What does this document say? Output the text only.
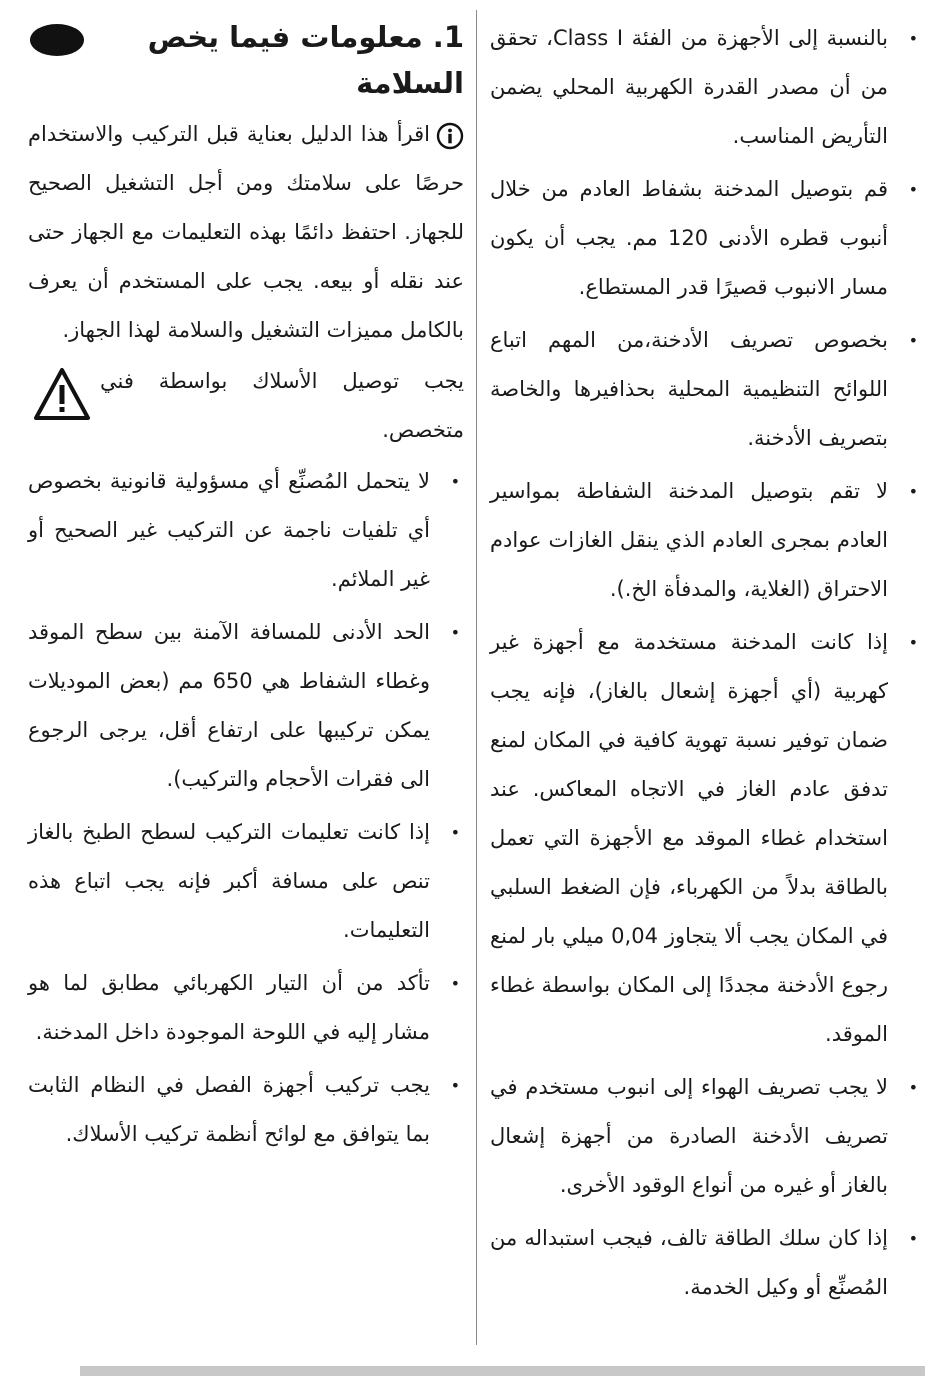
•
بالنسبة إلى الأجهزة من الفئة Class I، تحقق من أن مصدر القدرة الكهربية المحلي يضمن التأريض المناسب.
•
قم بتوصيل المدخنة بشفاط العادم من خلال أنبوب قطره الأدنى 120 مم. يجب أن يكون مسار الانبوب قصيرًا قدر المستطاع.
•
بخصوص تصريف الأدخنة،من المهم اتباع اللوائح التنظيمية المحلية بحذافيرها والخاصة بتصريف الأدخنة.
•
لا تقم بتوصيل المدخنة الشفاطة بمواسير العادم بمجرى العادم الذي ينقل الغازات عوادم الاحتراق (الغلاية، والمدفأة الخ.).
•
إذا كانت المدخنة مستخدمة مع أجهزة غير كهربية (أي أجهزة إشعال بالغاز)، فإنه يجب ضمان توفير نسبة تهوية كافية في المكان لمنع تدفق عادم الغاز في الاتجاه المعاكس. عند استخدام غطاء الموقد مع الأجهزة التي تعمل بالطاقة بدلاً من الكهرباء، فإن الضغط السلبي في المكان يجب ألا يتجاوز 0,04 ميلي بار لمنع رجوع الأدخنة مجددًا إلى المكان بواسطة غطاء الموقد.
•
لا يجب تصريف الهواء إلى انبوب مستخدم في تصريف الأدخنة الصادرة من أجهزة إشعال بالغاز أو غيره من أنواع الوقود الأخرى.
•
إذا كان سلك الطاقة تالف، فيجب استبداله من المُصنِّع أو وكيل الخدمة.
1. معلومات فيما يخص
السلامة
اقرأ هذا الدليل بعناية قبل التركيب والاستخدام حرصًا على سلامتك ومن أجل التشغيل الصحيح للجهاز. احتفظ دائمًا بهذه التعليمات مع الجهاز حتى عند نقله أو بيعه. يجب على المستخدم أن يعرف بالكامل مميزات التشغيل والسلامة لهذا الجهاز.
يجب توصيل الأسلاك بواسطة فني متخصص.
•
لا يتحمل المُصنِّع أي مسؤولية قانونية بخصوص أي تلفيات ناجمة عن التركيب غير الصحيح أو غير الملائم.
•
الحد الأدنى للمسافة الآمنة بين سطح الموقد وغطاء الشفاط هي 650 مم (بعض الموديلات يمكن تركيبها على ارتفاع أقل، يرجى الرجوع الى فقرات الأحجام والتركيب).
•
إذا كانت تعليمات التركيب لسطح الطبخ بالغاز تنص على مسافة أكبر فإنه يجب اتباع هذه التعليمات.
•
تأكد من أن التيار الكهربائي مطابق لما هو مشار إليه في اللوحة الموجودة داخل المدخنة.
•
يجب تركيب أجهزة الفصل في النظام الثابت بما يتوافق مع لوائح أنظمة تركيب الأسلاك.
